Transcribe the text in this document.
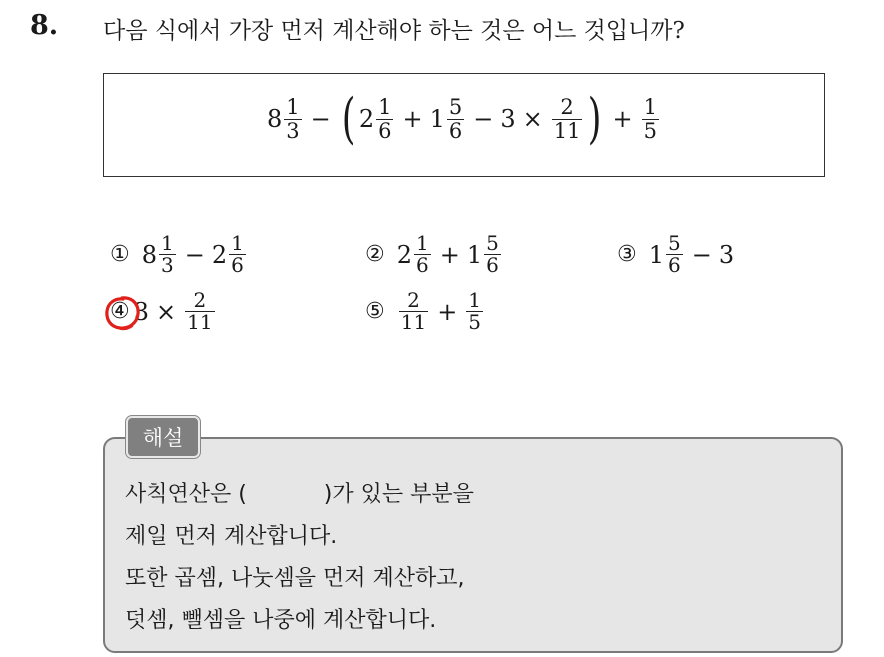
8. 다음 식에서 가장 먼저 계산해야 하는 것은 어느 것입니까?
$8 \frac{1}{3}$ − ( $2 \frac{1}{6} + 1 \frac{5}{6} - 3 \times \frac{2}{11}$ ) + $\frac{1}{5}$
① $8 \frac{1}{3} - 2 \frac{1}{6}$	② $2 \frac{1}{6} + 1 \frac{5}{6}$	③ $1 \frac{5}{6} - 3$
④ $3 \times \frac{2}{11}$	⑤ $\frac{2}{11} + \frac{1}{5}$
해설
사칙연산은 (           )가 있는 부분을
제일 먼저 계산합니다.
또한 곱셈, 나눗셈을 먼저 계산하고,
덧셈, 뺄셈을 나중에 계산합니다.
